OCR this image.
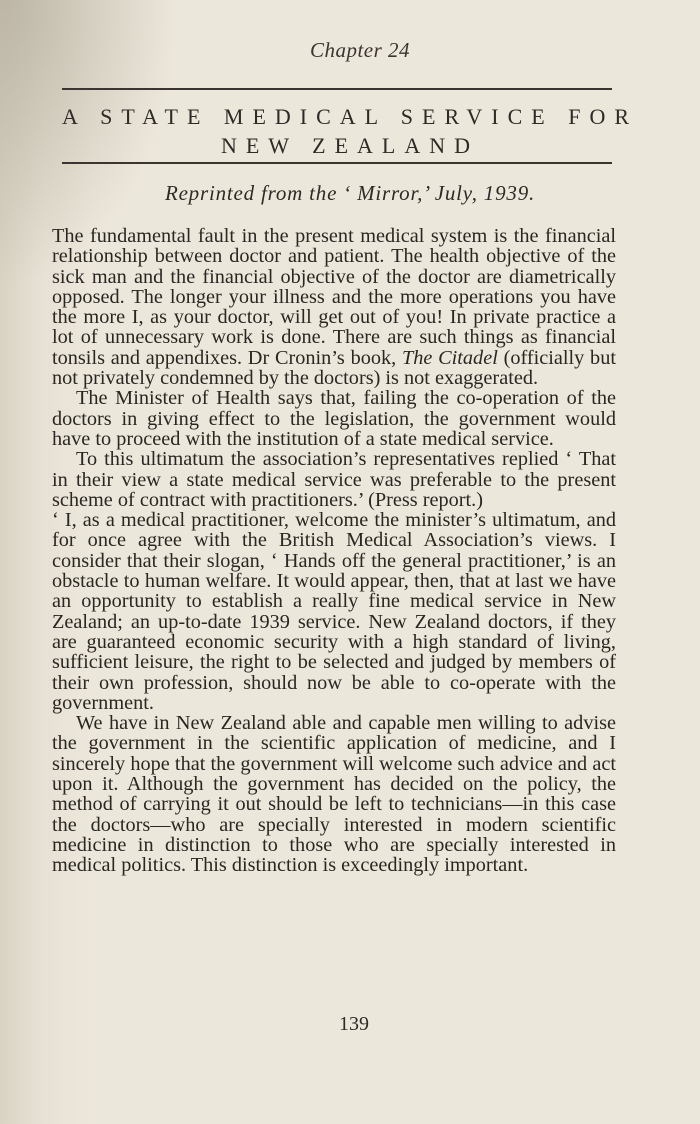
Chapter 24
A STATE MEDICAL SERVICE FOR
NEW ZEALAND
Reprinted from the ‘ Mirror,’ July, 1939.

The fundamental fault in the present medical system is the financial relationship between doctor and patient. The health objective of the sick man and the financial objective of the doctor are diametrically opposed. The longer your illness and the more operations you have the more I, as your doctor, will get out of you! In private practice a lot of unnecessary work is done. There are such things as financial tonsils and appendixes. Dr Cronin’s book, The Citadel (officially but not privately condemned by the doctors) is not exaggerated.

The Minister of Health says that, failing the co-operation of the doctors in giving effect to the legislation, the government would have to proceed with the institution of a state medical service.

To this ultimatum the association’s representatives replied ‘ That in their view a state medical service was preferable to the present scheme of contract with practitioners.’ (Press report.)

‘ I, as a medical practitioner, welcome the minister’s ultimatum, and for once agree with the British Medical Association’s views. I consider that their slogan, ‘ Hands off the general practitioner,’ is an obstacle to human welfare. It would appear, then, that at last we have an opportunity to establish a really fine medical service in New Zealand; an up-to-date 1939 service. New Zealand doctors, if they are guaranteed economic security with a high standard of living, sufficient leisure, the right to be selected and judged by members of their own profession, should now be able to co-operate with the government.

We have in New Zealand able and capable men willing to advise the government in the scientific application of medicine, and I sincerely hope that the government will welcome such advice and act upon it. Although the government has decided on the policy, the method of carrying it out should be left to technicians—in this case the doctors—who are specially interested in modern scientific medicine in distinction to those who are specially interested in medical politics. This distinction is exceedingly important.

139
